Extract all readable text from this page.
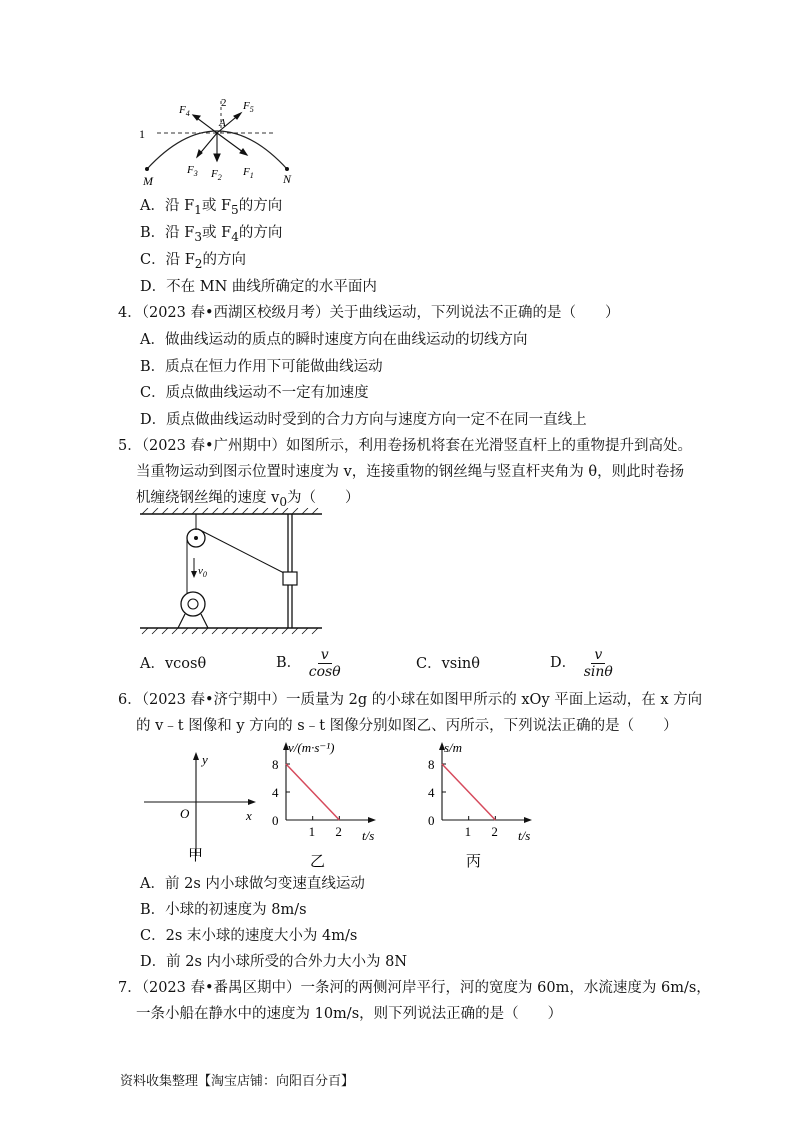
1
2
A
M	N
$F_4$
$F_5$
$F_3$ $F_2$ $F_1$
A．沿 $F_1$或 $F_5$的方向
B．沿 $F_3$或 $F_4$的方向
C．沿 $F_2$的方向
D．不在 MN 曲线所确定的水平面内
4．（2023 春•西湖区校级月考）关于曲线运动，下列说法不正确的是（　　）
A．做曲线运动的质点的瞬时速度方向在曲线运动的切线方向
B．质点在恒力作用下可能做曲线运动
C．质点做曲线运动不一定有加速度
D．质点做曲线运动时受到的合力方向与速度方向一定不在同一直线上
5．（2023 春•广州期中）如图所示，利用卷扬机将套在光滑竖直杆上的重物提升到高处。
当重物运动到图示位置时速度为 v，连接重物的钢丝绳与竖直杆夹角为 θ，则此时卷扬
机缠绕钢丝绳的速度 $v_0$为（　　）
$v_0$
A．vcosθ	B． $\frac{v}{\cos\theta}$	C．vsinθ	D． $\frac{v}{\sin\theta}$
6．（2023 春•济宁期中）一质量为 2g 的小球在如图甲所示的 xOy 平面上运动，在 x 方向
的 v﹣t 图像和 y 方向的 s﹣t 图像分别如图乙、丙所示，下列说法正确的是（　　）
y
x
O
甲
v/(m·s⁻¹)
t/s
8
4
0
1 2
乙
s/m
t/s
8
4
0
1 2
丙
A．前 2s 内小球做匀变速直线运动
B．小球的初速度为 8m/s
C．2s 末小球的速度大小为 4m/s
D．前 2s 内小球所受的合外力大小为 8N
7．（2023 春•番禺区期中）一条河的两侧河岸平行，河的宽度为 60m，水流速度为 6m/s，
一条小船在静水中的速度为 10m/s，则下列说法正确的是（　　）
资料收集整理【淘宝店铺：向阳百分百】
